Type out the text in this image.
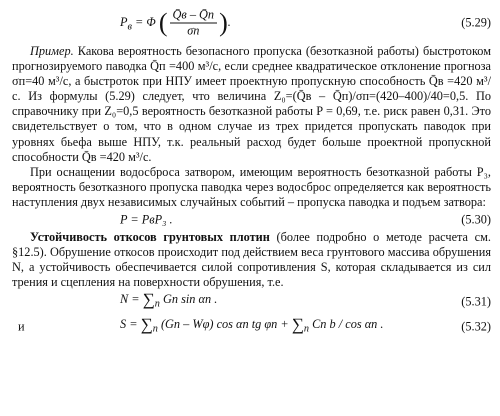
$P_в = \Phi$ ( $\frac{Q̄в - Q̄п}{\sigma п}$ ).	(5.29)

Пример. Какова вероятность безопасного пропуска (безотказной работы) быстротоком прогнозируемого паводка Q̄п =400 м³/с, если среднее квадратическое отклонение прогноза σп=40 м³/с, а быстроток при НПУ имеет проектную пропускную способность Q̄в =420 м³/с. Из формулы (5.29) следует, что величина Z₀=(Q̄в – Q̄п)/σп=(420–400)/40=0,5. По справочнику при Z₀=0,5 вероятность безотказной работы P = 0,69, т.е. риск равен 0,31. Это свидетельствует о том, что в одном случае из трех придется пропускать паводок при уровнях бьефа выше НПУ, т.к. реальный расход будет больше проектной пропускной способности Q̄в =420 м³/с.

При оснащении водосброса затвором, имеющим вероятность безотказной работы P₃, вероятность безотказного пропуска паводка через водосброс определяется как вероятность наступления двух независимых случайных событий – пропуска паводка и подъем затвора:

P = PвP₃ .	(5.30)

Устойчивость откосов грунтовых плотин (более подробно о методе расчета см. §12.5). Обрушение откосов происходит под действием веса грунтового массива обрушения N, а устойчивость обеспечивается силой сопротивления S, которая складывается из сил трения и сцепления на поверхности обрушения, т.е.

$N = \sum_n$ Gn sin αn .	(5.31)
и	$S = \sum_n$ (Gn – Wφ) cos αn tg $\varphi n + \sum_n$ Cn b / cos αn .	(5.32)
